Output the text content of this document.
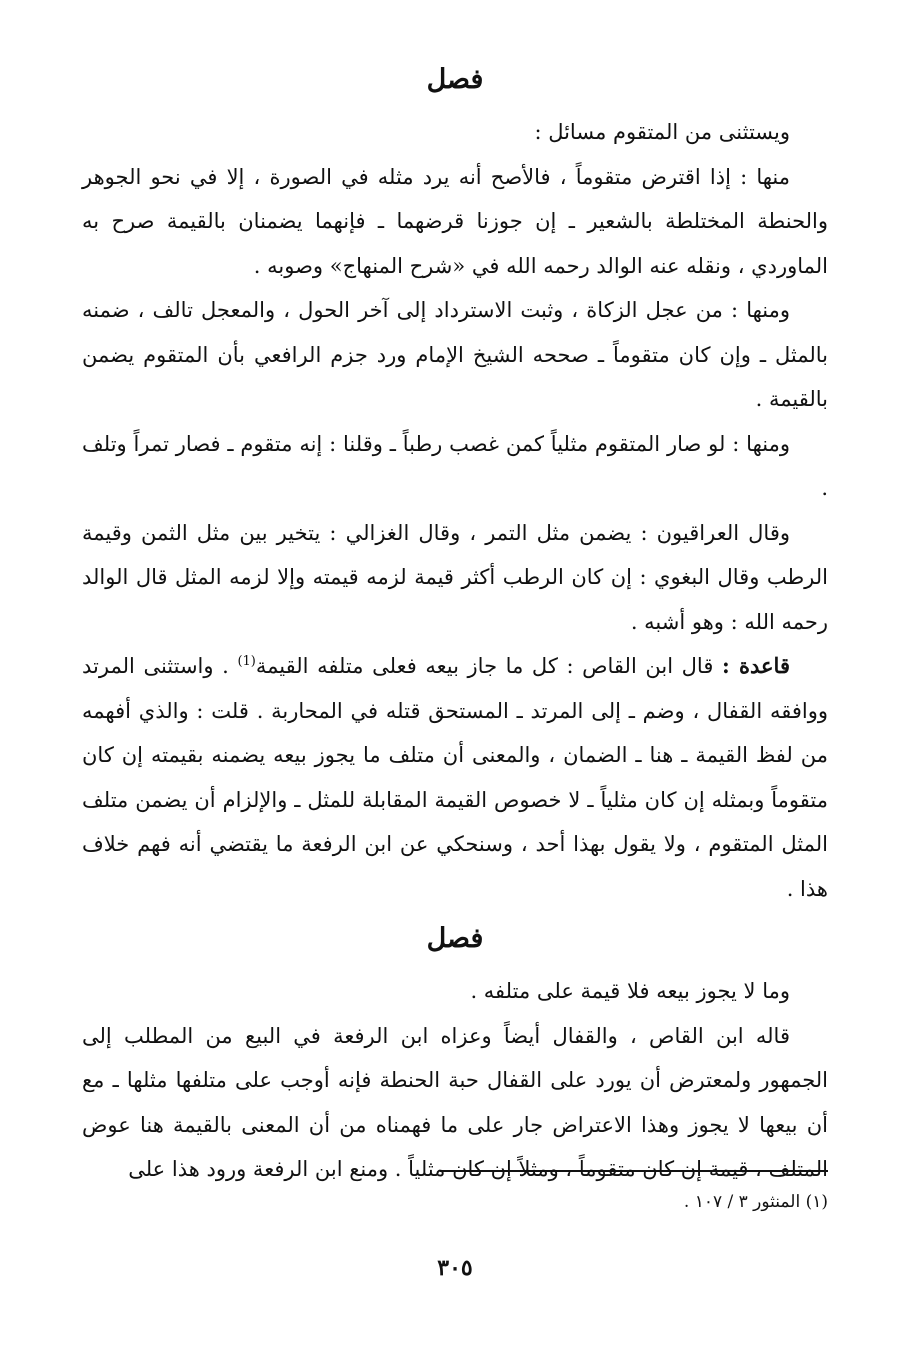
فصل

ويستثنى من المتقوم مسائل :

منها : إذا اقترض متقوماً ، فالأصح أنه يرد مثله في الصورة ، إلا في نحو الجوهر والحنطة المختلطة بالشعير ـ إن جوزنا قرضهما ـ فإنهما يضمنان بالقيمة صرح به الماوردي ، ونقله عنه الوالد رحمه الله في «شرح المنهاج» وصوبه .

ومنها : من عجل الزكاة ، وثبت الاسترداد إلى آخر الحول ، والمعجل تالف ، ضمنه بالمثل ـ وإن كان متقوماً ـ صححه الشيخ الإمام ورد جزم الرافعي بأن المتقوم يضمن بالقيمة .

ومنها : لو صار المتقوم مثلياً كمن غصب رطباً ـ وقلنا : إنه متقوم ـ فصار تمراً وتلف .

وقال العراقيون : يضمن مثل التمر ، وقال الغزالي : يتخير بين مثل الثمن وقيمة الرطب وقال البغوي : إن كان الرطب أكثر قيمة لزمه قيمته وإلا لزمه المثل قال الوالد رحمه الله : وهو أشبه .

قاعدة : قال ابن القاص : كل ما جاز بيعه فعلى متلفه القيمة$^{(1)}$ . واستثنى المرتد ووافقه القفال ، وضم ـ إلى المرتد ـ المستحق قتله في المحاربة . قلت : والذي أفهمه من لفظ القيمة ـ هنا ـ الضمان ، والمعنى أن متلف ما يجوز بيعه يضمنه بقيمته إن كان متقوماً وبمثله إن كان مثلياً ـ لا خصوص القيمة المقابلة للمثل ـ والإلزام أن يضمن متلف المثل المتقوم ، ولا يقول بهذا أحد ، وسنحكي عن ابن الرفعة ما يقتضي أنه فهم خلاف هذا .

فصل

وما لا يجوز بيعه فلا قيمة على متلفه .

قاله ابن القاص ، والقفال أيضاً وعزاه ابن الرفعة في البيع من المطلب إلى الجمهور ولمعترض أن يورد على القفال حبة الحنطة فإنه أوجب على متلفها مثلها ـ مع أن بيعها لا يجوز وهذا الاعتراض جار على ما فهمناه من أن المعنى بالقيمة هنا عوض المتلف ، قيمة إن كان متقوماً ، ومثلاً إن كان مثلياً . ومنع ابن الرفعة ورود هذا على

(١) المنثور ٣ / ١٠٧ .

٣٠٥
